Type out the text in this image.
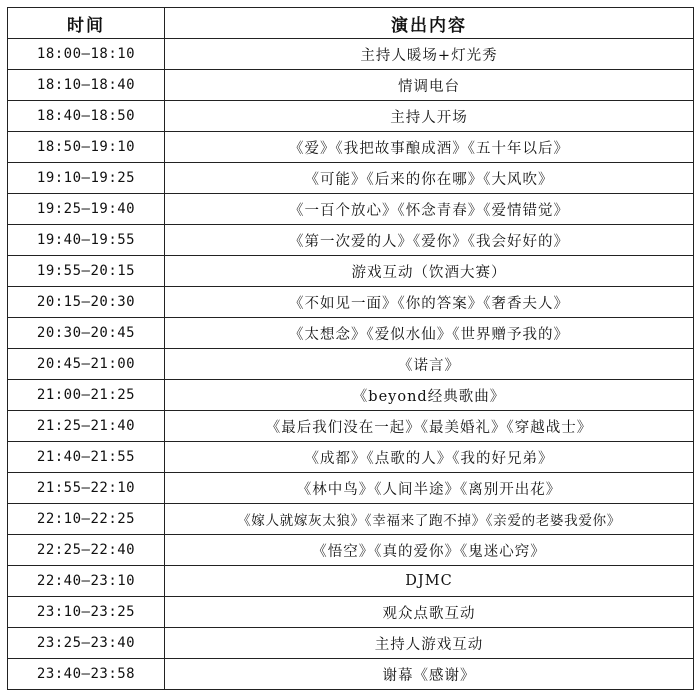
时间	演出内容
18:00–18:10	主持人暖场+灯光秀
18:10—18:40	情调电台
18:40—18:50	主持人开场
18:50—19:10	《爱》《我把故事酿成酒》《五十年以后》
19:10—19:25	《可能》《后来的你在哪》《大风吹》
19:25—19:40	《一百个放心》《怀念青春》《爱情错觉》
19:40—19:55	《第一次爱的人》《爱你》《我会好好的》
19:55—20:15	游戏互动（饮酒大赛）
20:15—20:30	《不如见一面》《你的答案》《奢香夫人》
20:30—20:45	《太想念》《爱似水仙》《世界赠予我的》
20:45—21:00	《诺言》
21:00—21:25	《beyond经典歌曲》
21:25—21:40	《最后我们没在一起》《最美婚礼》《穿越战士》
21:40—21:55	《成都》《点歌的人》《我的好兄弟》
21:55—22:10	《林中鸟》《人间半途》《离别开出花》
22:10—22:25	《嫁人就嫁灰太狼》《幸福来了跑不掉》《亲爱的老婆我爱你》
22:25—22:40	《悟空》《真的爱你》《鬼迷心窍》
22:40—23:10	DJMC
23:10—23:25	观众点歌互动
23:25—23:40	主持人游戏互动
23:40—23:58	谢幕《感谢》
